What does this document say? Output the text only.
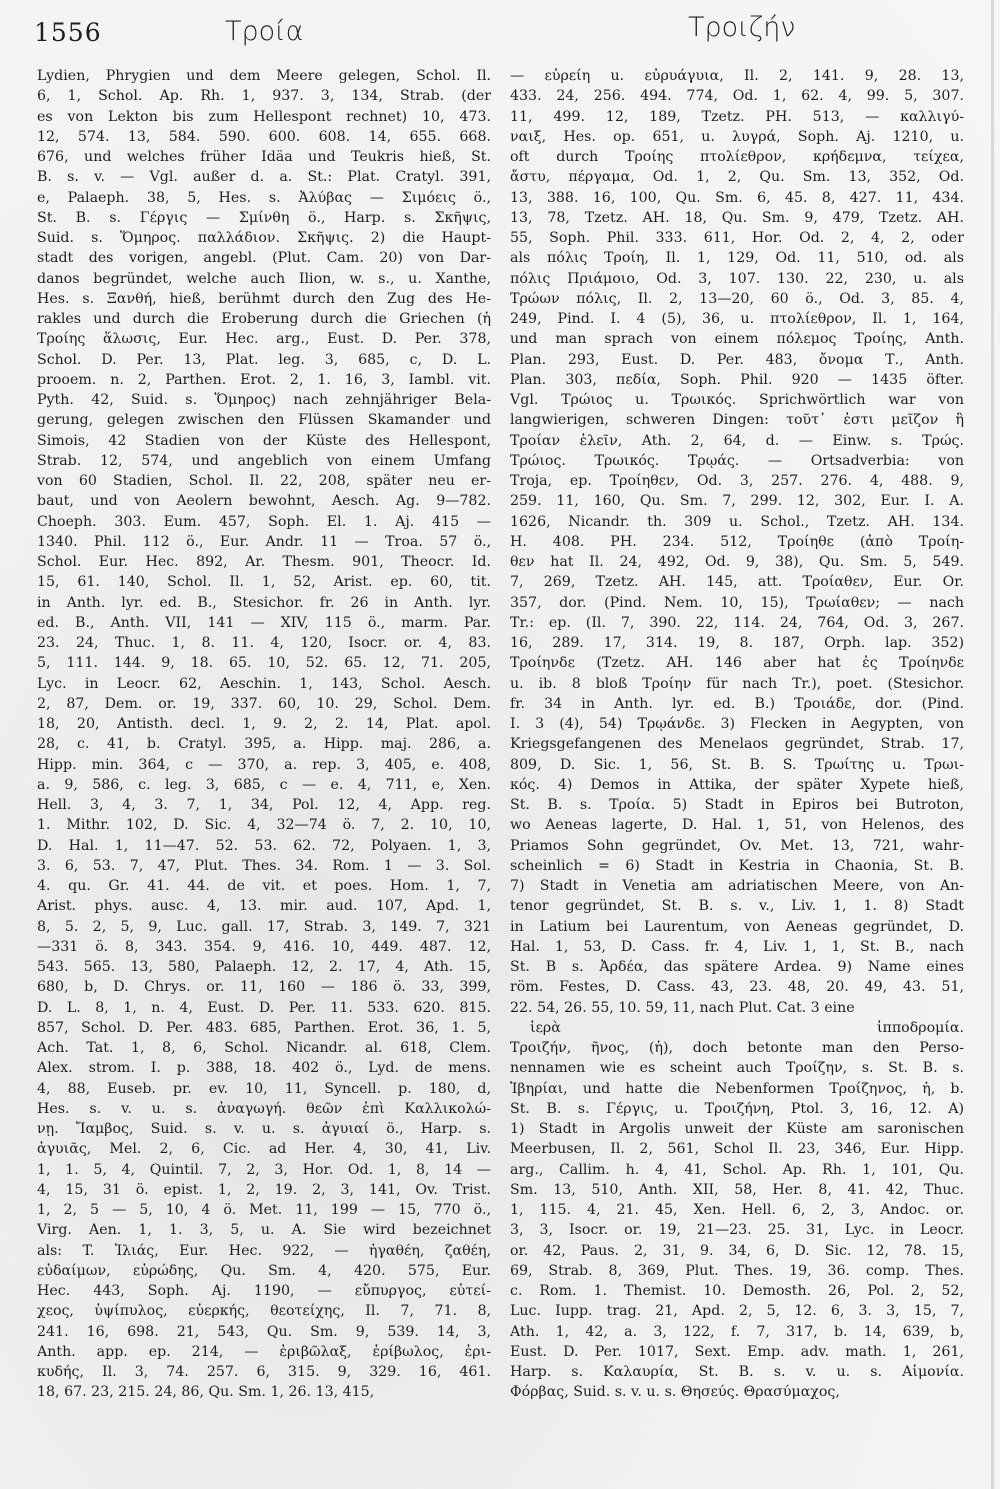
1556	Τροία	Τροιζήν
Lydien, Phrygien und dem Meere gelegen, Schol. Il.
6, 1, Schol. Ap. Rh. 1, 937. 3, 134, Strab. (der
es von Lekton bis zum Hellespont rechnet) 10, 473.
12, 574. 13, 584. 590. 600. 608. 14, 655. 668.
676, und welches früher Idäa und Teukris hieß, St.
B. s. v. — Vgl. außer d. a. St.: Plat. Cratyl. 391,
e, Palaeph. 38, 5, Hes. s. Ἀλύβας — Σιμόεις ö.,
St. B. s. Γέργις — Σμίνθη ö., Harp. s. Σκῆψις,
Suid. s. Ὅμηρος. παλλάδιον. Σκῆψις. 2) die Haupt-
stadt des vorigen, angebl. (Plut. Cam. 20) von Dar-
danos begründet, welche auch Ilion, w. s., u. Xanthe,
Hes. s. Ξανθή, hieß, berühmt durch den Zug des He-
rakles und durch die Eroberung durch die Griechen (ἡ
Τροίης ἅλωσις, Eur. Hec. arg., Eust. D. Per. 378,
Schol. D. Per. 13, Plat. leg. 3, 685, c, D. L.
prooem. n. 2, Parthen. Erot. 2, 1. 16, 3, Iambl. vit.
Pyth. 42, Suid. s. Ὅμηρος) nach zehnjähriger Bela-
gerung, gelegen zwischen den Flüssen Skamander und
Simois, 42 Stadien von der Küste des Hellespont,
Strab. 12, 574, und angeblich von einem Umfang
von 60 Stadien, Schol. Il. 22, 208, später neu er-
baut, und von Aeolern bewohnt, Aesch. Ag. 9—782.
Choeph. 303. Eum. 457, Soph. El. 1. Aj. 415 —
1340. Phil. 112 ö., Eur. Andr. 11 — Troa. 57 ö.,
Schol. Eur. Hec. 892, Ar. Thesm. 901, Theocr. Id.
15, 61. 140, Schol. Il. 1, 52, Arist. ep. 60, tit.
in Anth. lyr. ed. B., Stesichor. fr. 26 in Anth. lyr.
ed. B., Anth. VII, 141 — XIV, 115 ö., marm. Par.
23. 24, Thuc. 1, 8. 11. 4, 120, Isocr. or. 4, 83.
5, 111. 144. 9, 18. 65. 10, 52. 65. 12, 71. 205,
Lyc. in Leocr. 62, Aeschin. 1, 143, Schol. Aesch.
2, 87, Dem. or. 19, 337. 60, 10. 29, Schol. Dem.
18, 20, Antisth. decl. 1, 9. 2, 2. 14, Plat. apol.
28, c. 41, b. Cratyl. 395, a. Hipp. maj. 286, a.
Hipp. min. 364, c — 370, a. rep. 3, 405, e. 408,
a. 9, 586, c. leg. 3, 685, c — e. 4, 711, e, Xen.
Hell. 3, 4, 3. 7, 1, 34, Pol. 12, 4, App. reg.
1. Mithr. 102, D. Sic. 4, 32—74 ö. 7, 2. 10, 10,
D. Hal. 1, 11—47. 52. 53. 62. 72, Polyaen. 1, 3,
3. 6, 53. 7, 47, Plut. Thes. 34. Rom. 1 — 3. Sol.
4. qu. Gr. 41. 44. de vit. et poes. Hom. 1, 7,
Arist. phys. ausc. 4, 13. mir. aud. 107, Apd. 1,
8, 5. 2, 5, 9, Luc. gall. 17, Strab. 3, 149. 7, 321
—331 ö. 8, 343. 354. 9, 416. 10, 449. 487. 12,
543. 565. 13, 580, Palaeph. 12, 2. 17, 4, Ath. 15,
680, b, D. Chrys. or. 11, 160 — 186 ö. 33, 399,
D. L. 8, 1, n. 4, Eust. D. Per. 11. 533. 620. 815.
857, Schol. D. Per. 483. 685, Parthen. Erot. 36, 1. 5,
Ach. Tat. 1, 8, 6, Schol. Nicandr. al. 618, Clem.
Alex. strom. I. p. 388, 18. 402 ö., Lyd. de mens.
4, 88, Euseb. pr. ev. 10, 11, Syncell. p. 180, d,
Hes. s. v. u. s. ἀναγωγή. θεῶν ἐπὶ Καλλικολώ-
νῃ. Ἴαμβος, Suid. s. v. u. s. ἀγυιαί ö., Harp. s.
ἀγυιᾶς, Mel. 2, 6, Cic. ad Her. 4, 30, 41, Liv.
1, 1. 5, 4, Quintil. 7, 2, 3, Hor. Od. 1, 8, 14 —
4, 15, 31 ö. epist. 1, 2, 19. 2, 3, 141, Ov. Trist.
1, 2, 5 — 5, 10, 4 ö. Met. 11, 199 — 15, 770 ö.,
Virg. Aen. 1, 1. 3, 5, u. A. Sie wird bezeichnet
als: T. Ἰλιάς, Eur. Hec. 922, — ἠγαθέη, ζαθέη,
εὐδαίμων, εὐρώδης, Qu. Sm. 4, 420. 575, Eur.
Hec. 443, Soph. Aj. 1190, — εὔπυργος, εὐτεί-
χεος, ὑψίπυλος, εὐερκής, θεοτείχης, Il. 7, 71. 8,
241. 16, 698. 21, 543, Qu. Sm. 9, 539. 14, 3,
Anth. app. ep. 214, — ἐριβῶλαξ, ἐρίβωλος, ἐρι-
κυδής, Il. 3, 74. 257. 6, 315. 9, 329. 16, 461.
18, 67. 23, 215. 24, 86, Qu. Sm. 1, 26. 13, 415,
— εὐρείη u. εὐρυάγυια, Il. 2, 141. 9, 28. 13,
433. 24, 256. 494. 774, Od. 1, 62. 4, 99. 5, 307.
11, 499. 12, 189, Tzetz. PH. 513, — καλλιγύ-
ναιξ, Hes. op. 651, u. λυγρά, Soph. Aj. 1210, u.
oft durch Τροίης πτολίεθρον, κρήδεμνα, τείχεα,
ἄστυ, πέργαμα, Od. 1, 2, Qu. Sm. 13, 352, Od.
13, 388. 16, 100, Qu. Sm. 6, 45. 8, 427. 11, 434.
13, 78, Tzetz. AH. 18, Qu. Sm. 9, 479, Tzetz. AH.
55, Soph. Phil. 333. 611, Hor. Od. 2, 4, 2, oder
als πόλις Τροίη, Il. 1, 129, Od. 11, 510, od. als
πόλις Πριάμοιο, Od. 3, 107. 130. 22, 230, u. als
Τρώων πόλις, Il. 2, 13—20, 60 ö., Od. 3, 85. 4,
249, Pind. I. 4 (5), 36, u. πτολίεθρον, Il. 1, 164,
und man sprach von einem πόλεμος Τροίης, Anth.
Plan. 293, Eust. D. Per. 483, ὄνομα Τ., Anth.
Plan. 303, πεδία, Soph. Phil. 920 — 1435 öfter.
Vgl. Τρώιος u. Τρωικός. Sprichwörtlich war von
langwierigen, schweren Dingen: τοῦτ᾽ ἐστι μεῖζον ἢ
Τροίαν ἑλεῖν, Ath. 2, 64, d. — Einw. s. Τρώς.
Τρώιος. Τρωικός. Τρῳάς. — Ortsadverbia: von
Troja, ep. Τροίηθεν, Od. 3, 257. 276. 4, 488. 9,
259. 11, 160, Qu. Sm. 7, 299. 12, 302, Eur. I. A.
1626, Nicandr. th. 309 u. Schol., Tzetz. AH. 134.
H. 408. PH. 234. 512, Τροίηθε (ἀπὸ Τροίη-
θεν hat Il. 24, 492, Od. 9, 38), Qu. Sm. 5, 549.
7, 269, Tzetz. AH. 145, att. Τροίαθεν, Eur. Or.
357, dor. (Pind. Nem. 10, 15), Τρωίαθεν; — nach
Tr.: ep. (Il. 7, 390. 22, 114. 24, 764, Od. 3, 267.
16, 289. 17, 314. 19, 8. 187, Orph. lap. 352)
Τροίηνδε (Tzetz. AH. 146 aber hat ἐς Τροίηνδε
u. ib. 8 bloß Τροίην für nach Tr.), poet. (Stesichor.
fr. 34 in Anth. lyr. ed. B.) Τροιάδε, dor. (Pind.
I. 3 (4), 54) Τρῳάνδε. 3) Flecken in Aegypten, von
Kriegsgefangenen des Menelaos gegründet, Strab. 17,
809, D. Sic. 1, 56, St. B. S. Τρωίτης u. Τρωι-
κός. 4) Demos in Attika, der später Xypete hieß,
St. B. s. Τροία. 5) Stadt in Epiros bei Butroton,
wo Aeneas lagerte, D. Hal. 1, 51, von Helenos, des
Priamos Sohn gegründet, Ov. Met. 13, 721, wahr-
scheinlich = 6) Stadt in Kestria in Chaonia, St. B.
7) Stadt in Venetia am adriatischen Meere, von An-
tenor gegründet, St. B. s. v., Liv. 1, 1. 8) Stadt
in Latium bei Laurentum, von Aeneas gegründet, D.
Hal. 1, 53, D. Cass. fr. 4, Liv. 1, 1, St. B., nach
St. B s. Ἀρδέα, das spätere Ardea. 9) Name eines
röm. Festes, D. Cass. 43, 23. 48, 20. 49, 43. 51,
22. 54, 26. 55, 10. 59, 11, nach Plut. Cat. 3 eine
ἱερὰ ἱπποδρομία.
Τροιζήν, ῆνος, (ἡ), doch betonte man den Perso-
nennamen wie es scheint auch Τροίζην, s. St. B. s.
Ἰβηρίαι, und hatte die Nebenformen Τροίζηνος, ἡ, b.
St. B. s. Γέργις, u. Τροιζήνη, Ptol. 3, 16, 12. A)
1) Stadt in Argolis unweit der Küste am saronischen
Meerbusen, Il. 2, 561, Schol Il. 23, 346, Eur. Hipp.
arg., Callim. h. 4, 41, Schol. Ap. Rh. 1, 101, Qu.
Sm. 13, 510, Anth. XII, 58, Her. 8, 41. 42, Thuc.
1, 115. 4, 21. 45, Xen. Hell. 6, 2, 3, Andoc. or.
3, 3, Isocr. or. 19, 21—23. 25. 31, Lyc. in Leocr.
or. 42, Paus. 2, 31, 9. 34, 6, D. Sic. 12, 78. 15,
69, Strab. 8, 369, Plut. Thes. 19, 36. comp. Thes.
c. Rom. 1. Themist. 10. Demosth. 26, Pol. 2, 52,
Luc. Iupp. trag. 21, Apd. 2, 5, 12. 6, 3. 3, 15, 7,
Ath. 1, 42, a. 3, 122, f. 7, 317, b. 14, 639, b,
Eust. D. Per. 1017, Sext. Emp. adv. math. 1, 261,
Harp. s. Καλαυρία, St. B. s. v. u. s. Αἱμονία.
Φόρβας, Suid. s. v. u. s. Θησεύς. Θρασύμαχος,
